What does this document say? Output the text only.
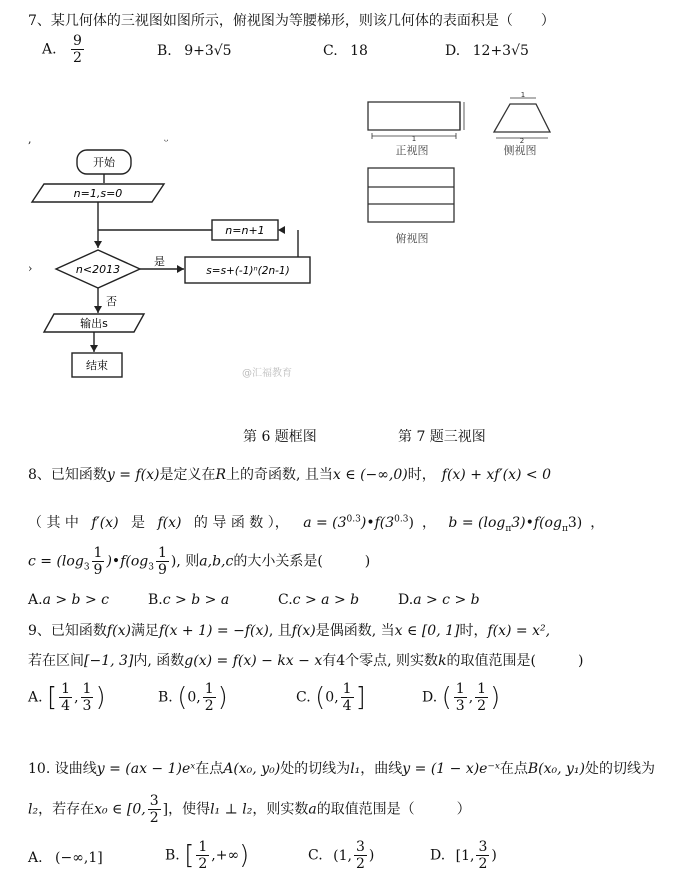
7、某几何体的三视图如图所示，俯视图为等腰梯形，则该几何体的表面积是（　　）
A. $\frac{9}{2}$	B. 9+3√5	C. 18	D. 12+3√5
开始
n=1,s=0
n<2013
是
s=s+(-1)ⁿ(2n-1)
n=n+1
否
输出s
结束
@汇福教育
,	ᵕ
›
1
1
2
正视图	侧视图
俯视图
第 6 题框图	第 7 题三视图
8、已知函数y = f(x)是定义在R上的奇函数, 且当x ∈ (−∞,0)时， f(x) + xf′(x) < 0
（ 其 中 f′(x) 是 f(x) 的 导 函 数 ）， $a = (3^{0.3})•f(3^{0.3})$ ， $b = (\log_\pi 3)•f(og_\pi 3)$ ，
$c = (\log_3 \frac{1}{9}$ )$•f(og_3 \frac{1}{9}$ ), 则a,b,c的大小关系是(　　　)
A.a > b > c	B.c > b > a	C.c > a > b	D.a > c > b
9、已知函数f(x)满足f(x + 1) = −f(x), 且f(x)是偶函数, 当x ∈ [0, 1]时，f(x) = x²,
若在区间[−1, 3]内, 函数g(x) = f(x) − kx − x有4个零点, 则实数k的取值范围是(　　　)
A. [ $\frac{1}{4}$ , $\frac{1}{3}$ )	B. (0, $\frac{1}{2}$ )	C. (0, $\frac{1}{4}$ ]	D. ( $\frac{1}{3}$ , $\frac{1}{2}$ )
10. 设曲线y = (ax − 1)eˣ在点A(x₀, y₀)处的切线为l₁，曲线y = (1 − x)e⁻ˣ在点B(x₀, y₁)处的切线为
l₂，若存在x₀ ∈ [0, $\frac{3}{2}$ ]，使得l₁ ⊥ l₂，则实数a的取值范围是（　　　）
A. (−∞,1]	B. [ $\frac{1}{2}$ ,+∞)	C. (1, $\frac{3}{2}$ )	D. [1, $\frac{3}{2}$ )
